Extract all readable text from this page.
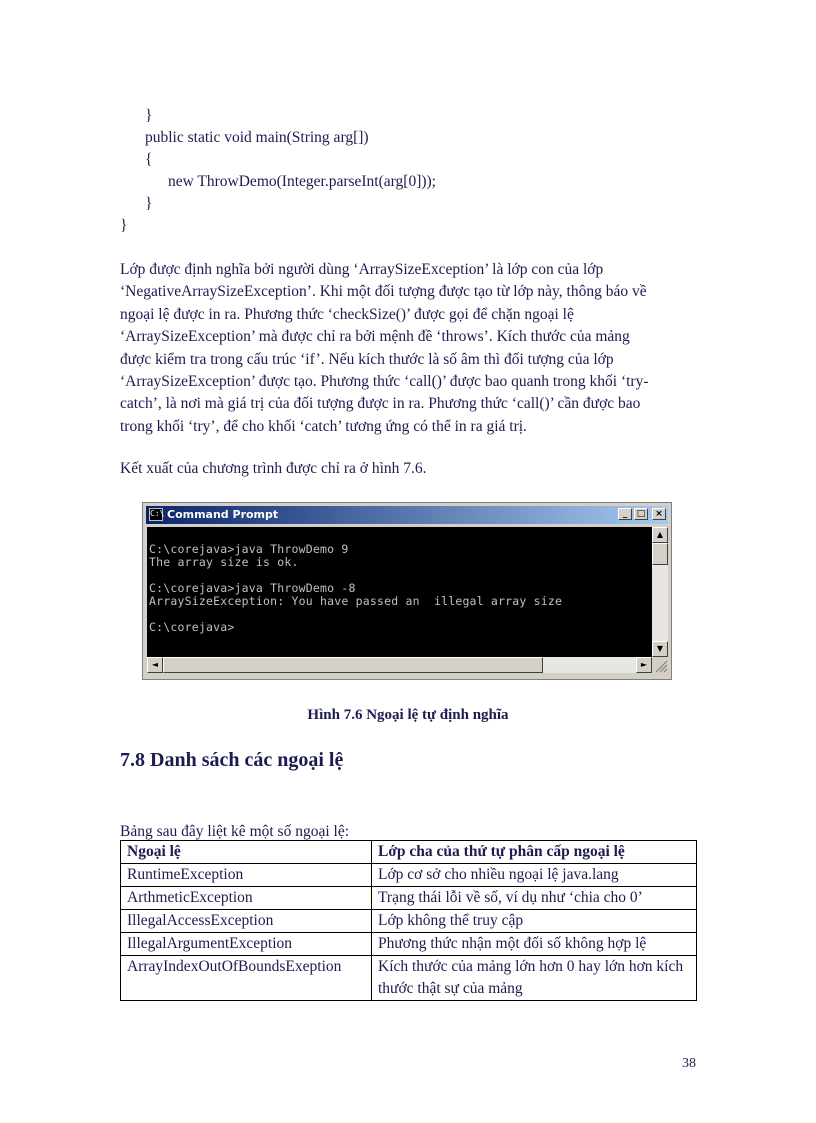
}
public static void main(String arg[])
{
new ThrowDemo(Integer.parseInt(arg[0]));
}
}

Lớp được định nghĩa bởi người dùng ‘ArraySizeException’ là lớp con của lớp

‘NegativeArraySizeException’. Khi một đối tượng được tạo từ lớp này, thông báo về

ngoại lệ được in ra. Phương thức ‘checkSize()’ được gọi để chặn ngoại lệ

‘ArraySizeException’ mà được chỉ ra bởi mệnh đề ‘throws’. Kích thước của mảng

được kiểm tra trong cấu trúc ‘if’. Nếu kích thước là số âm thì đối tượng của lớp

‘ArraySizeException’ được tạo. Phương thức ‘call()’ được bao quanh trong khối ‘try-

catch’, là nơi mà giá trị của đối tượng được in ra. Phương thức ‘call()’ cần được bao

trong khối ‘try’, để cho khối ‘catch’ tương ứng có thể in ra giá trị.

Kết xuất của chương trình được chỉ ra ở hình 7.6.

C:\ Command Prompt	_	□	×
C:\corejava>java ThrowDemo 9
The array size is ok.
C:\corejava>java ThrowDemo -8
ArraySizeException: You have passed an  illegal array size
C:\corejava>
▲
▼
◄	►
Hình 7.6 Ngoại lệ tự định nghĩa
7.8 Danh sách các ngoại lệ
Bảng sau đây liệt kê một số ngoại lệ:
Ngoại lệ	Lớp cha của thứ tự phân cấp ngoại lệ
RuntimeException	Lớp cơ sở cho nhiều ngoại lệ java.lang
ArthmeticException	Trạng thái lỗi về số, ví dụ như ‘chia cho 0’
IllegalAccessException	Lớp không thể truy cập
IllegalArgumentException	Phương thức nhận một đối số không hợp lệ
ArrayIndexOutOfBoundsExeption	Kích thước của mảng lớn hơn 0 hay lớn hơn kích thước thật sự của mảng
38
